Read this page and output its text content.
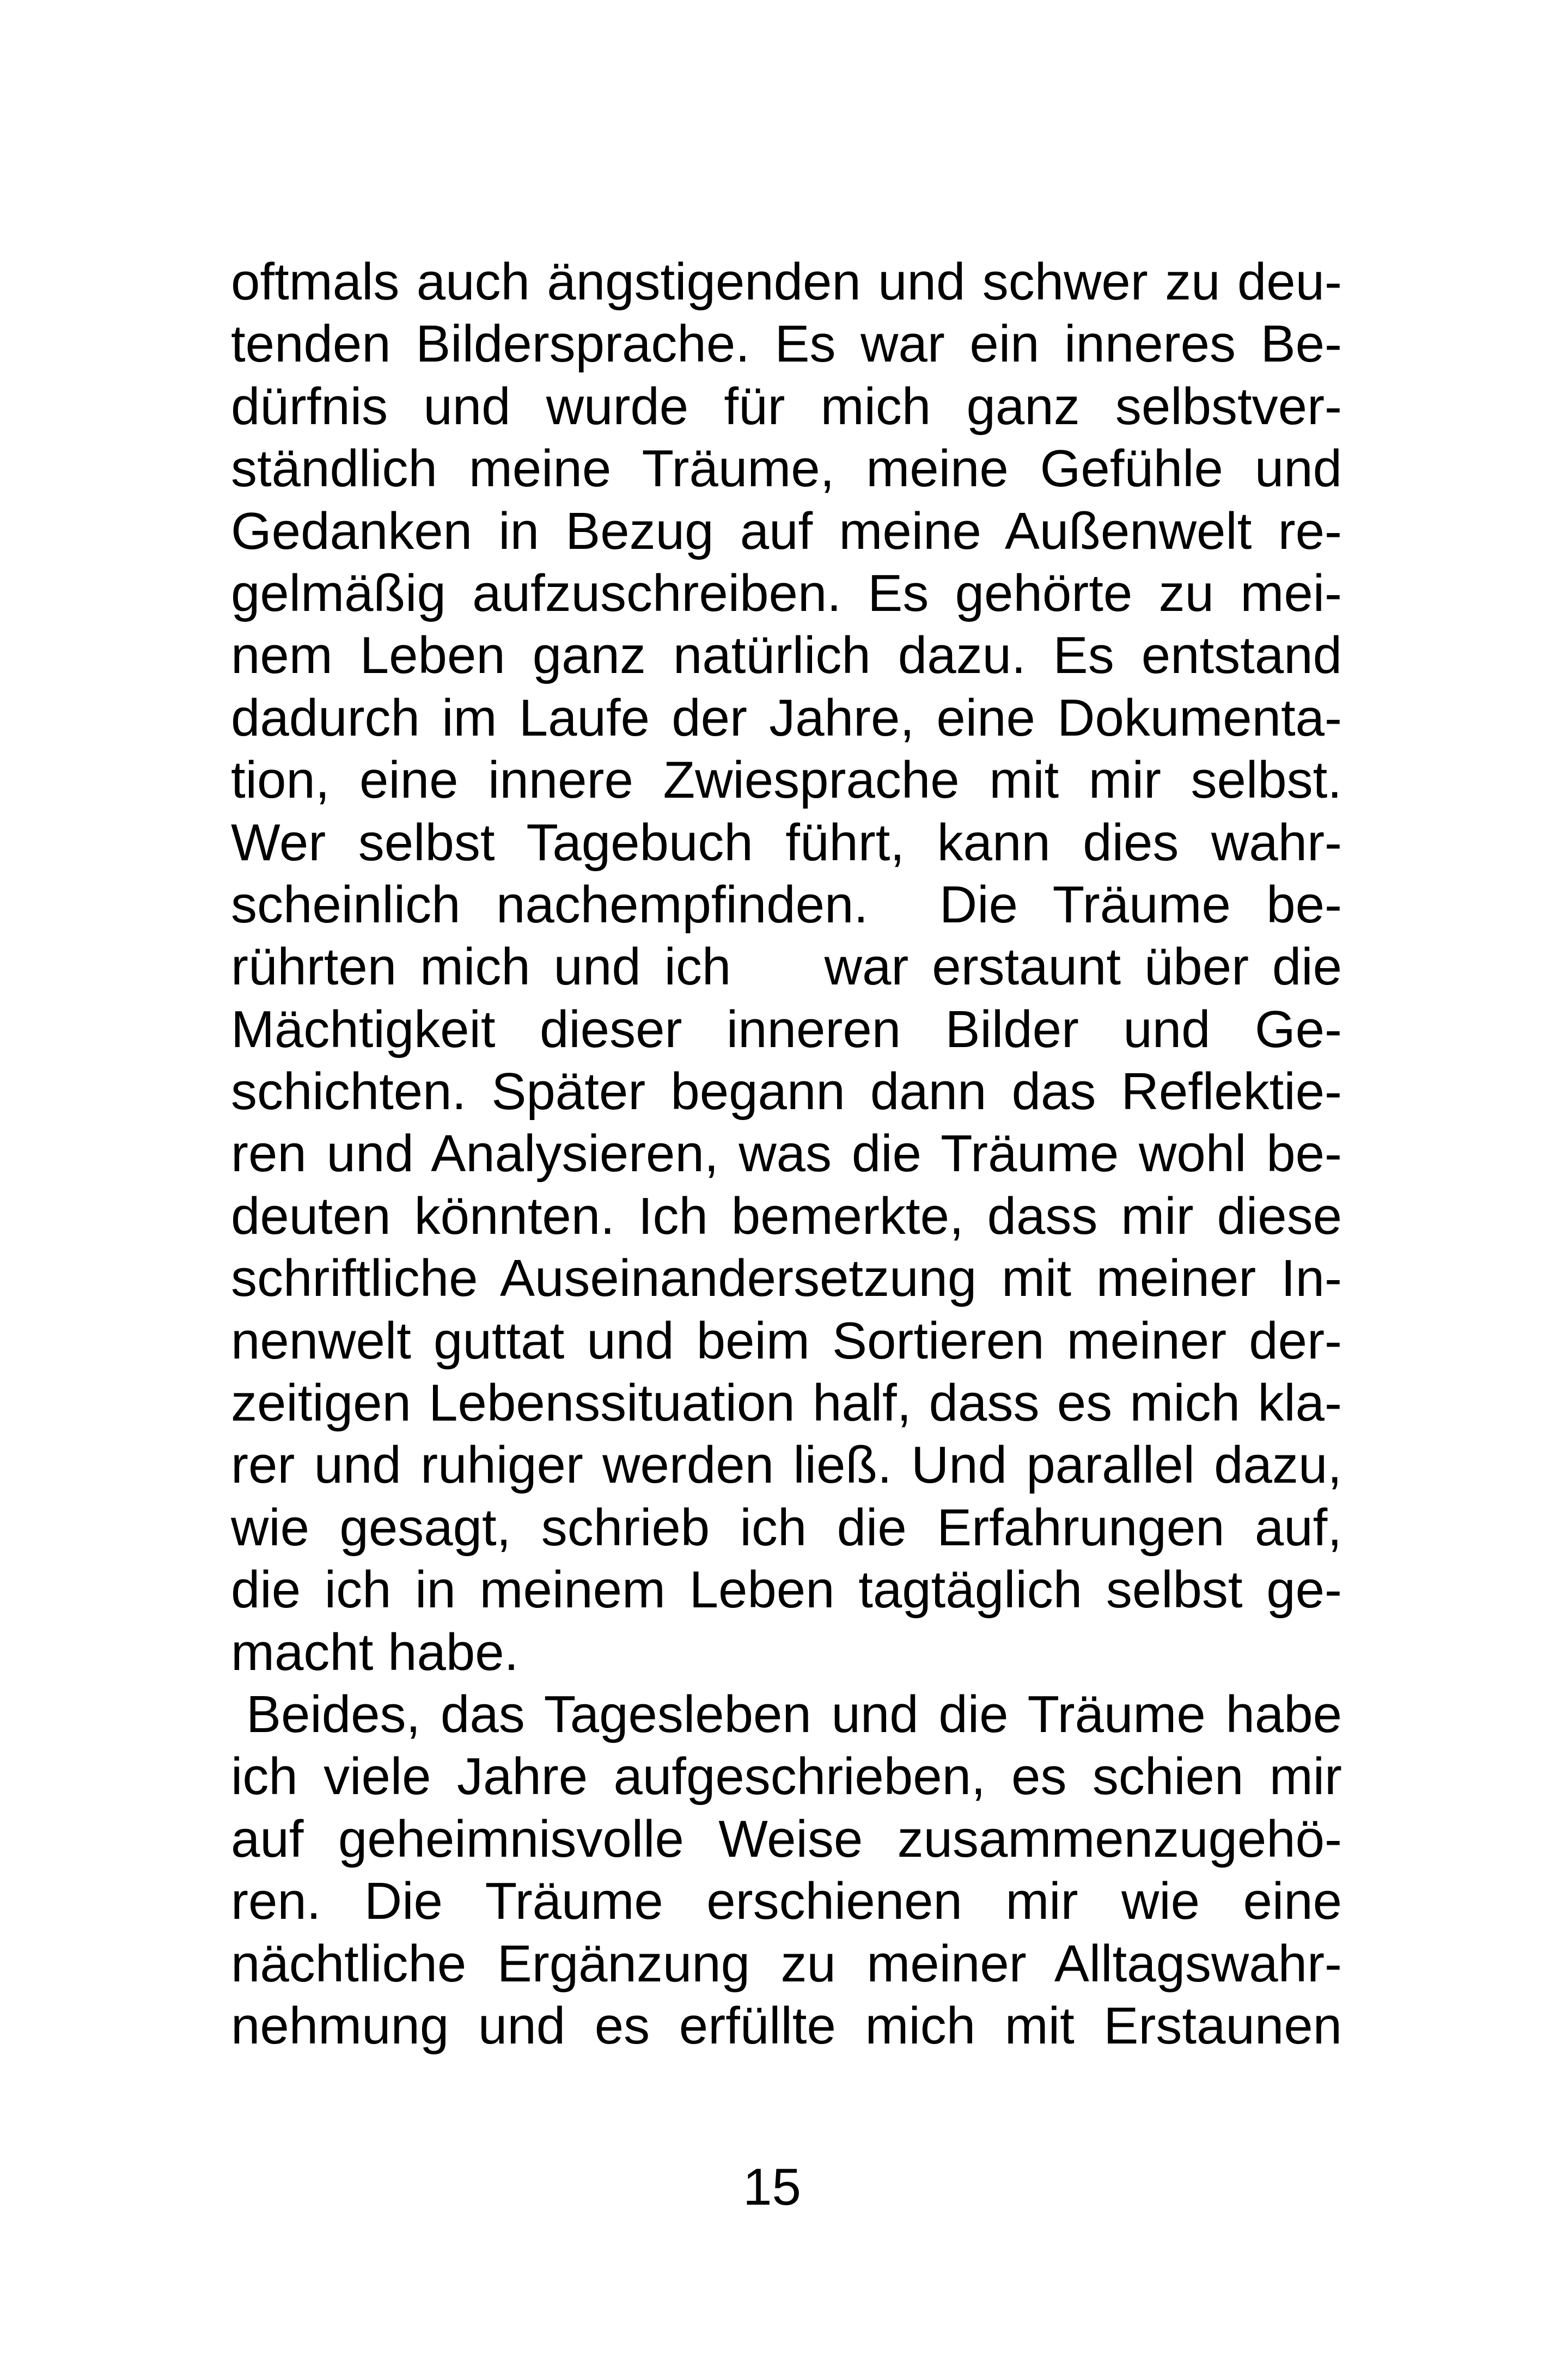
oftmals auch ängstigenden und schwer zu deu-
tenden Bildersprache. Es war ein inneres Be-
dürfnis und wurde für mich ganz selbstver-
ständlich meine Träume, meine Gefühle und
Gedanken in Bezug auf meine Außenwelt re-
gelmäßig aufzuschreiben. Es gehörte zu mei-
nem Leben ganz natürlich dazu. Es entstand
dadurch im Laufe der Jahre, eine Dokumenta-
tion, eine innere Zwiesprache mit mir selbst.
Wer selbst Tagebuch führt, kann dies wahr-
scheinlich nachempfinden.  Die Träume be-
rührten mich und ich    war erstaunt über die
Mächtigkeit dieser inneren Bilder und Ge-
schichten. Später begann dann das Reflektie-
ren und Analysieren, was die Träume wohl be-
deuten könnten. Ich bemerkte, dass mir diese
schriftliche Auseinandersetzung mit meiner In-
nenwelt guttat und beim Sortieren meiner der-
zeitigen Lebenssituation half, dass es mich kla-
rer und ruhiger werden ließ. Und parallel dazu,
wie gesagt, schrieb ich die Erfahrungen auf,
die ich in meinem Leben tagtäglich selbst ge-
macht habe.
Beides, das Tagesleben und die Träume habe
ich viele Jahre aufgeschrieben, es schien mir
auf geheimnisvolle Weise zusammenzugehö-
ren. Die Träume erschienen mir wie eine
nächtliche Ergänzung zu meiner Alltagswahr-
nehmung und es erfüllte mich mit Erstaunen
15
